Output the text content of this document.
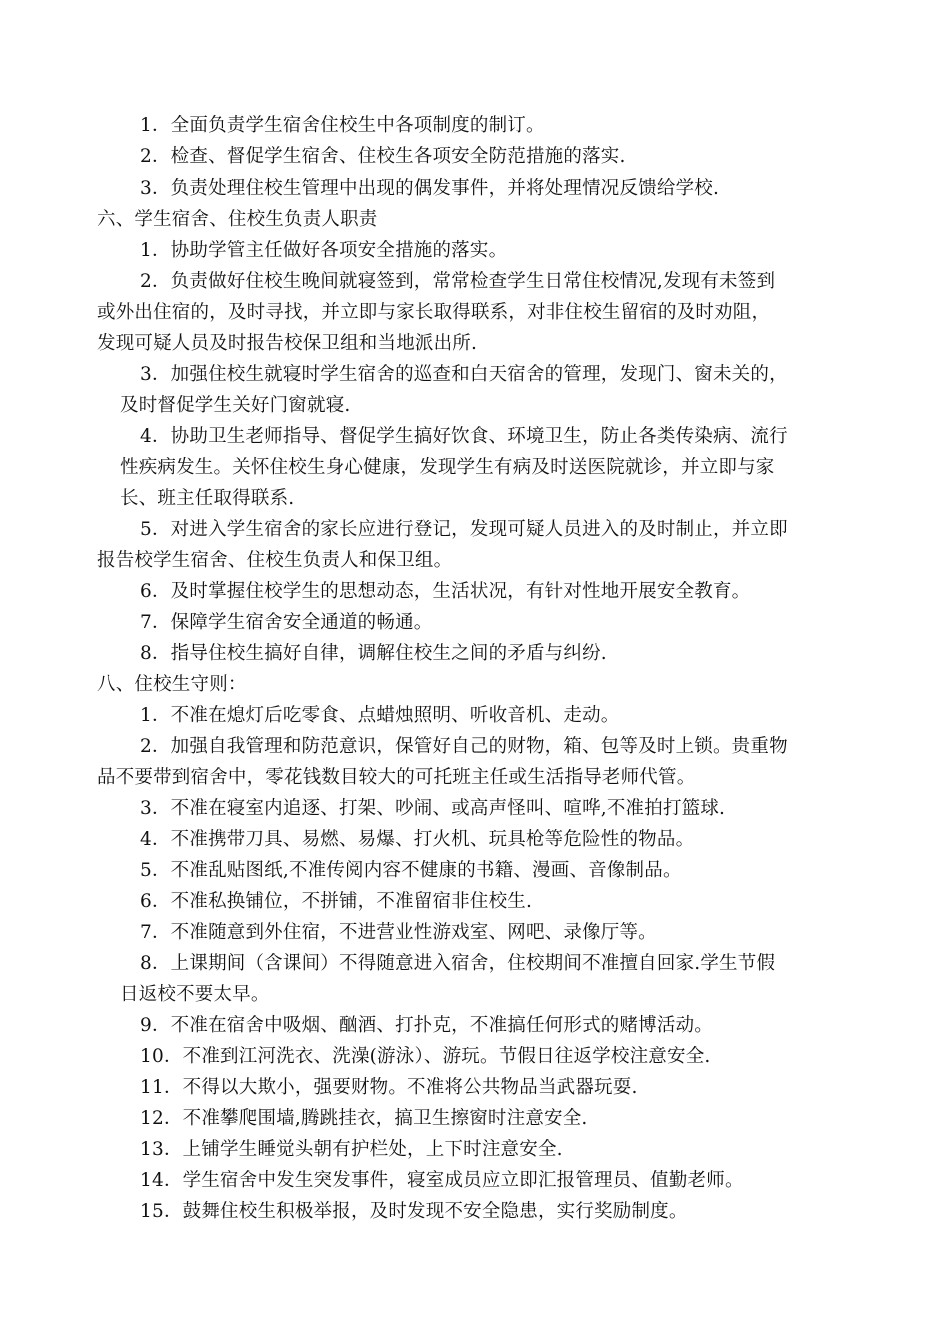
1．全面负责学生宿舍住校生中各项制度的制订。
2．检查、督促学生宿舍、住校生各项安全防范措施的落实.
3．负责处理住校生管理中出现的偶发事件，并将处理情况反馈给学校.
六、学生宿舍、住校生负责人职责
1．协助学管主任做好各项安全措施的落实。
2．负责做好住校生晚间就寝签到，常常检查学生日常住校情况,发现有未签到
或外出住宿的，及时寻找，并立即与家长取得联系，对非住校生留宿的及时劝阻，
发现可疑人员及时报告校保卫组和当地派出所.
3．加强住校生就寝时学生宿舍的巡查和白天宿舍的管理，发现门、窗未关的，
及时督促学生关好门窗就寝.
4．协助卫生老师指导、督促学生搞好饮食、环境卫生，防止各类传染病、流行
性疾病发生。关怀住校生身心健康，发现学生有病及时送医院就诊，并立即与家
长、班主任取得联系.
5．对进入学生宿舍的家长应进行登记，发现可疑人员进入的及时制止，并立即
报告校学生宿舍、住校生负责人和保卫组。
6．及时掌握住校学生的思想动态，生活状况，有针对性地开展安全教育。
7．保障学生宿舍安全通道的畅通。
8．指导住校生搞好自律，调解住校生之间的矛盾与纠纷.
八、住校生守则：
1．不准在熄灯后吃零食、点蜡烛照明、听收音机、走动。
2．加强自我管理和防范意识，保管好自己的财物，箱、包等及时上锁。贵重物
品不要带到宿舍中，零花钱数目较大的可托班主任或生活指导老师代管。
3．不准在寝室内追逐、打架、吵闹、或高声怪叫、喧哗,不准拍打篮球.
4．不准携带刀具、易燃、易爆、打火机、玩具枪等危险性的物品。
5．不准乱贴图纸,不准传阅内容不健康的书籍、漫画、音像制品。
6．不准私换铺位，不拼铺，不准留宿非住校生.
7．不准随意到外住宿，不进营业性游戏室、网吧、录像厅等。
8．上课期间（含课间）不得随意进入宿舍，住校期间不准擅自回家.学生节假
日返校不要太早。
9．不准在宿舍中吸烟、酗酒、打扑克，不准搞任何形式的赌博活动。
10．不准到江河洗衣、洗澡(游泳）、游玩。节假日往返学校注意安全.
11．不得以大欺小，强要财物。不准将公共物品当武器玩耍.
12．不准攀爬围墙,腾跳挂衣，搞卫生擦窗时注意安全.
13．上铺学生睡觉头朝有护栏处，上下时注意安全.
14．学生宿舍中发生突发事件，寝室成员应立即汇报管理员、值勤老师。
15．鼓舞住校生积极举报，及时发现不安全隐患，实行奖励制度。
